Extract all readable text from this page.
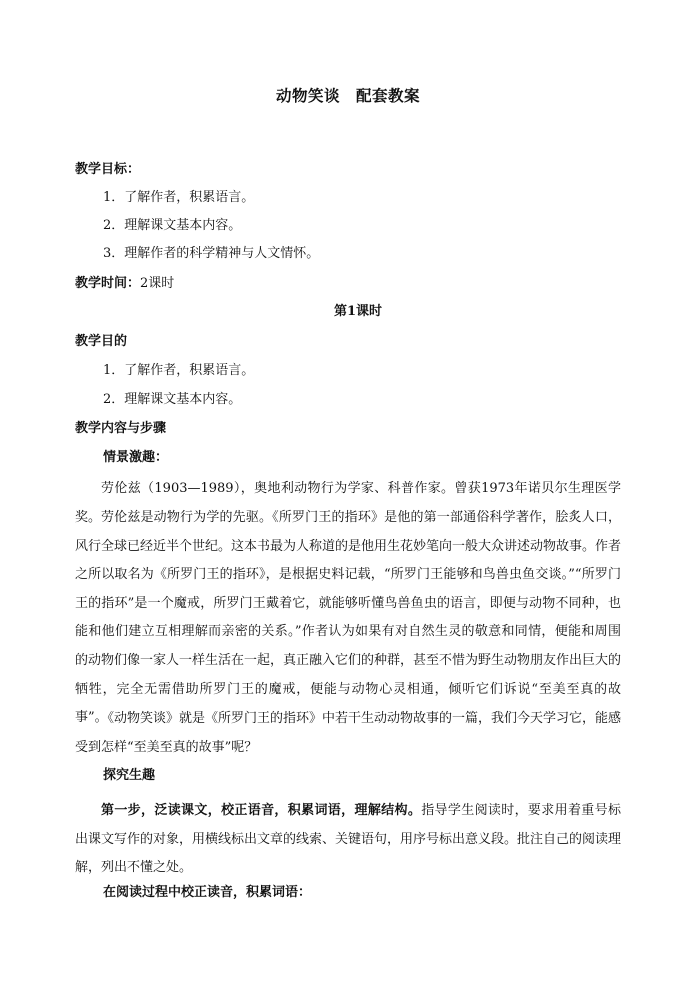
动物笑谈　配套教案
教学目标：
1．了解作者，积累语言。
2．理解课文基本内容。
3．理解作者的科学精神与人文情怀。
教学时间：2课时
第1课时
教学目的
1．了解作者，积累语言。
2．理解课文基本内容。
教学内容与步骤
情景激趣：
劳伦兹（1903—1989），奥地利动物行为学家、科普作家。曾获1973年诺贝尔生理医学奖。 劳伦兹是动物行为学的先驱。《所罗门王的指环》是他的第一部通俗科学著作，脍炙人口，风行全球已经近半个世纪。这本书最为人称道的是他用生花妙笔向一般大众讲述动物故事。作者之所以取名为《所罗门王的指环》，是根据史料记载，“所罗门王能够和鸟兽虫鱼交谈。”“所罗门王的指环”是一个魔戒，所罗门王戴着它，就能够听懂鸟兽鱼虫的语言，即便与动物不同种，也能和他们建立互相理解而亲密的关系。”作者认为如果有对自然生灵的敬意和同情，便能和周围的动物们像一家人一样生活在一起，真正融入它们的种群，甚至不惜为野生动物朋友作出巨大的牺牲，完全无需借助所罗门王的魔戒，便能与动物心灵相通，倾听它们诉说“至美至真的故事”。
《动物笑谈》就是《所罗门王的指环》中若干生动动物故事的一篇，我们今天学习它，能感受到怎样“至美至真的故事”呢？
探究生趣
第一步，泛读课文，校正语音，积累词语，理解结构。指导学生阅读时，要求用着重号标出课文写作的对象，用横线标出文章的线索、关键语句，用序号标出意义段。批注自己的阅读理解，列出不懂之处。
在阅读过程中校正读音，积累词语：
